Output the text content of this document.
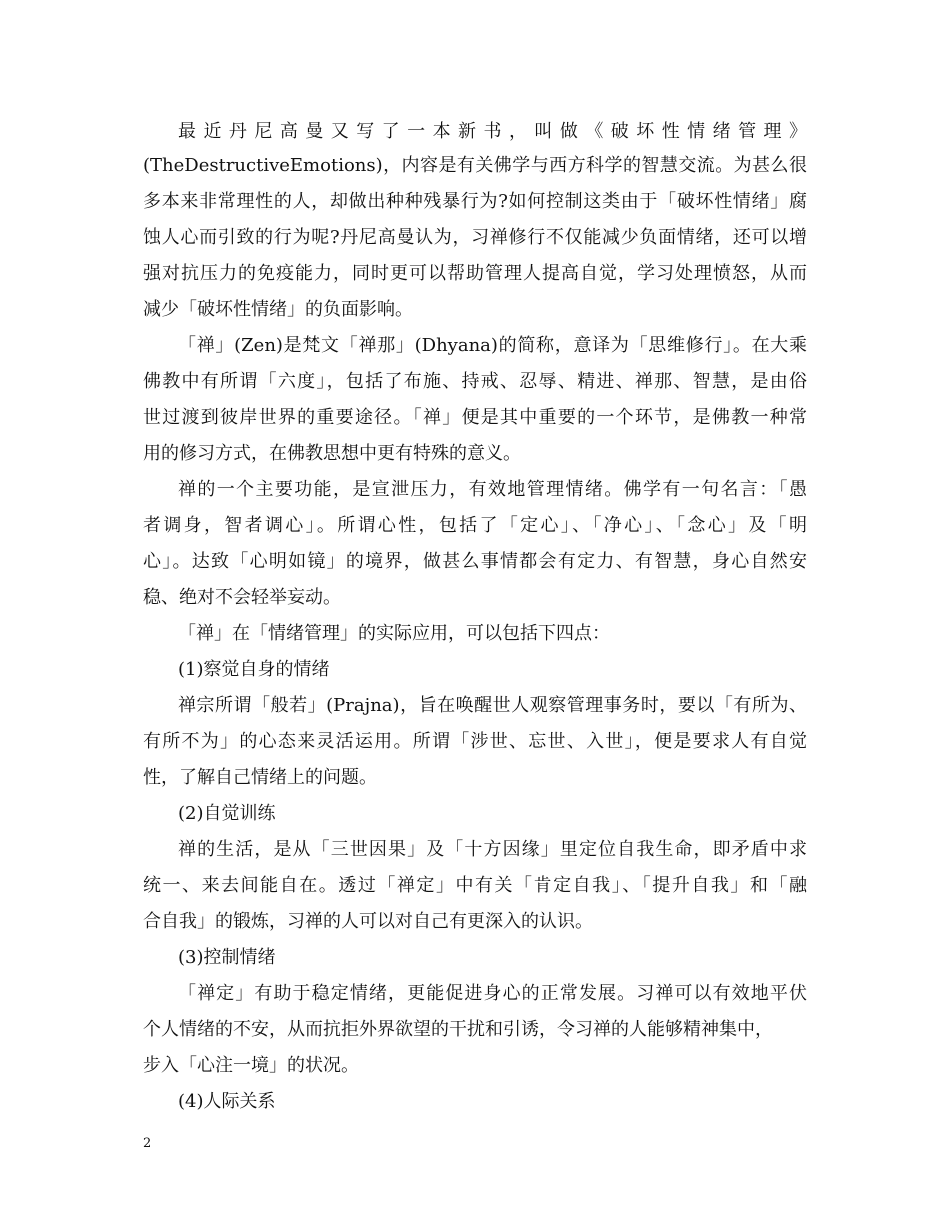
最近丹尼高曼又写了一本新书，叫做《破坏性情绪管理》
(TheDestructiveEmotions)，内容是有关佛学与西方科学的智慧交流。为甚么很
多本来非常理性的人，却做出种种残暴行为?如何控制这类由于「破坏性情绪」腐
蚀人心而引致的行为呢?丹尼高曼认为，习禅修行不仅能减少负面情绪，还可以增
强对抗压力的免疫能力，同时更可以帮助管理人提高自觉，学习处理愤怒，从而
减少「破坏性情绪」的负面影响。
「禅」(Zen)是梵文「禅那」(Dhyana)的简称，意译为「思维修行」。在大乘
佛教中有所谓「六度」，包括了布施、持戒、忍辱、精进、禅那、智慧，是由俗
世过渡到彼岸世界的重要途径。「禅」便是其中重要的一个环节，是佛教一种常
用的修习方式，在佛教思想中更有特殊的意义。
禅的一个主要功能，是宣泄压力，有效地管理情绪。佛学有一句名言：「愚
者调身，智者调心」。所谓心性，包括了「定心」、「净心」、「念心」及「明
心」。达致「心明如镜」的境界，做甚么事情都会有定力、有智慧，身心自然安
稳、绝对不会轻举妄动。
「禅」在「情绪管理」的实际应用，可以包括下四点：
(1)察觉自身的情绪
禅宗所谓「般若」(Prajna)，旨在唤醒世人观察管理事务时，要以「有所为、
有所不为」的心态来灵活运用。所谓「涉世、忘世、入世」，便是要求人有自觉
性，了解自己情绪上的问题。
(2)自觉训练
禅的生活，是从「三世因果」及「十方因缘」里定位自我生命，即矛盾中求
统一、来去间能自在。透过「禅定」中有关「肯定自我」、「提升自我」和「融
合自我」的锻炼，习禅的人可以对自己有更深入的认识。
(3)控制情绪
「禅定」有助于稳定情绪，更能促进身心的正常发展。习禅可以有效地平伏
个人情绪的不安，从而抗拒外界欲望的干扰和引诱，令习禅的人能够精神集中，
步入「心注一境」的状况。
(4)人际关系
2
